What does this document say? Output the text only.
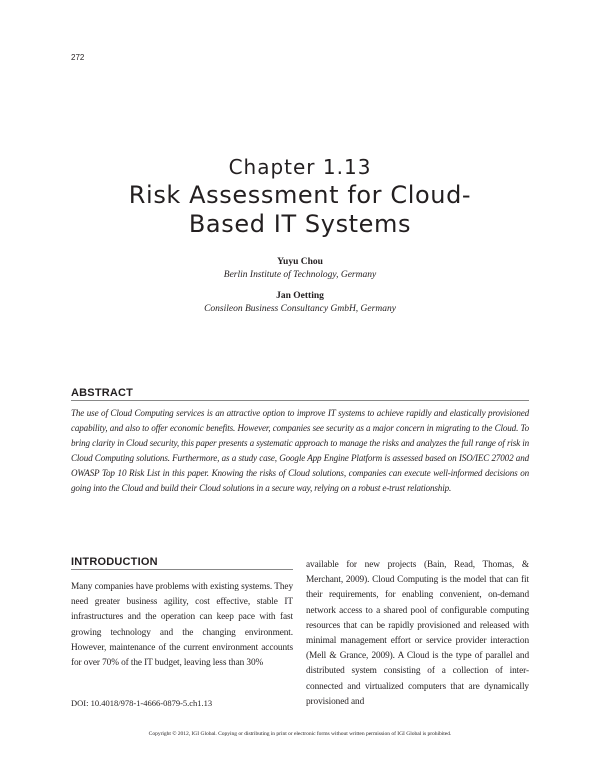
272
Chapter 1.13
Risk Assessment for Cloud-
Based IT Systems
Yuyu Chou
Berlin Institute of Technology, Germany
Jan Oetting
Consileon Business Consultancy GmbH, Germany
ABSTRACT

The use of Cloud Computing services is an attractive option to improve IT systems to achieve rapidly and elastically provisioned capability, and also to offer economic benefits. However, companies see security as a major concern in migrating to the Cloud. To bring clarity in Cloud security, this paper presents a systematic approach to manage the risks and analyzes the full range of risk in Cloud Computing solutions. Furthermore, as a study case, Google App Engine Platform is assessed based on ISO/IEC 27002 and OWASP Top 10 Risk List in this paper. Knowing the risks of Cloud solutions, companies can execute well-informed decisions on going into the Cloud and build their Cloud solutions in a secure way, relying on a robust e-trust relationship.

INTRODUCTION

Many companies have problems with existing systems. They need greater business agility, cost effective, stable IT infrastructures and the operation can keep pace with fast growing technology and the changing environment. However, maintenance of the current environment accounts for over 70% of the IT budget, leaving less than 30%

available for new projects (Bain, Read, Thomas, & Merchant, 2009). Cloud Computing is the model that can fit their requirements, for enabling convenient, on-demand network access to a shared pool of configurable computing resources that can be rapidly provisioned and released with minimal management effort or service provider interaction (Mell & Grance, 2009). A Cloud is the type of parallel and distributed system consisting of a collection of inter-connected and virtualized computers that are dynamically provisioned and

DOI: 10.4018/978-1-4666-0879-5.ch1.13
Copyright © 2012, IGI Global. Copying or distributing in print or electronic forms without written permission of IGI Global is prohibited.
